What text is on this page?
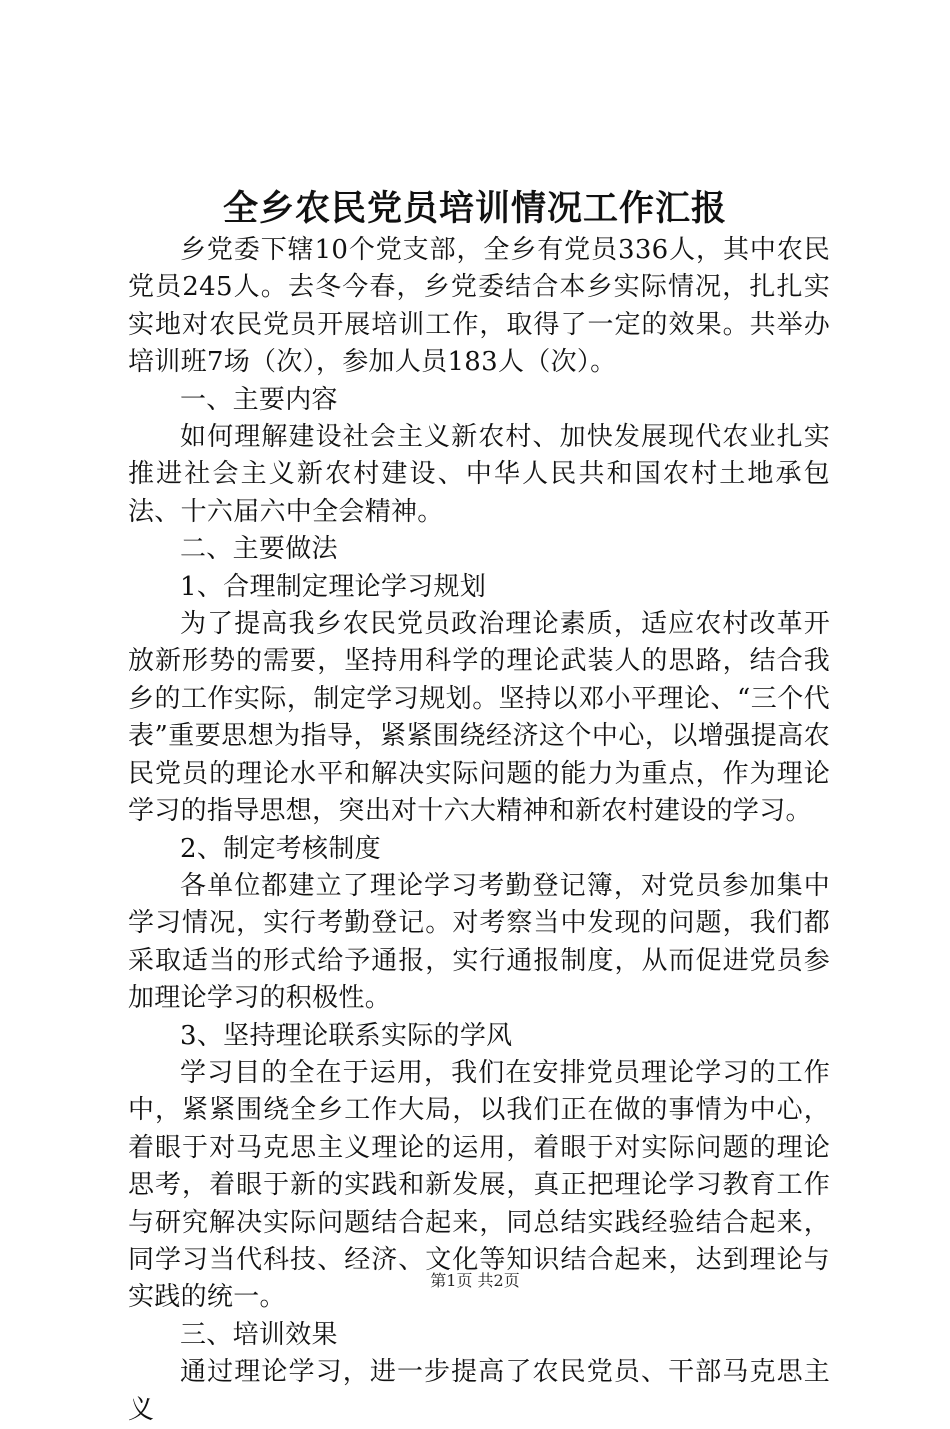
全乡农民党员培训情况工作汇报

乡党委下辖10个党支部，全乡有党员336人，其中农民党员245人。去冬今春，乡党委结合本乡实际情况，扎扎实实地对农民党员开展培训工作，取得了一定的效果。共举办培训班7场（次），参加人员183人（次）。

一、主要内容

如何理解建设社会主义新农村、加快发展现代农业扎实推进社会主义新农村建设、中华人民共和国农村土地承包法、十六届六中全会精神。

二、主要做法

1、合理制定理论学习规划

为了提高我乡农民党员政治理论素质，适应农村改革开放新形势的需要，坚持用科学的理论武装人的思路，结合我乡的工作实际，制定学习规划。坚持以邓小平理论、“三个代表”重要思想为指导，紧紧围绕经济这个中心，以增强提高农民党员的理论水平和解决实际问题的能力为重点，作为理论学习的指导思想，突出对十六大精神和新农村建设的学习。

2、制定考核制度

各单位都建立了理论学习考勤登记簿，对党员参加集中学习情况，实行考勤登记。对考察当中发现的问题，我们都采取适当的形式给予通报，实行通报制度，从而促进党员参加理论学习的积极性。

3、坚持理论联系实际的学风

学习目的全在于运用，我们在安排党员理论学习的工作中，紧紧围绕全乡工作大局，以我们正在做的事情为中心，着眼于对马克思主义理论的运用，着眼于对实际问题的理论思考，着眼于新的实践和新发展，真正把理论学习教育工作与研究解决实际问题结合起来，同总结实践经验结合起来，同学习当代科技、经济、文化等知识结合起来，达到理论与实践的统一。

三、培训效果

通过理论学习，进一步提高了农民党员、干部马克思主义

第1页 共2页
